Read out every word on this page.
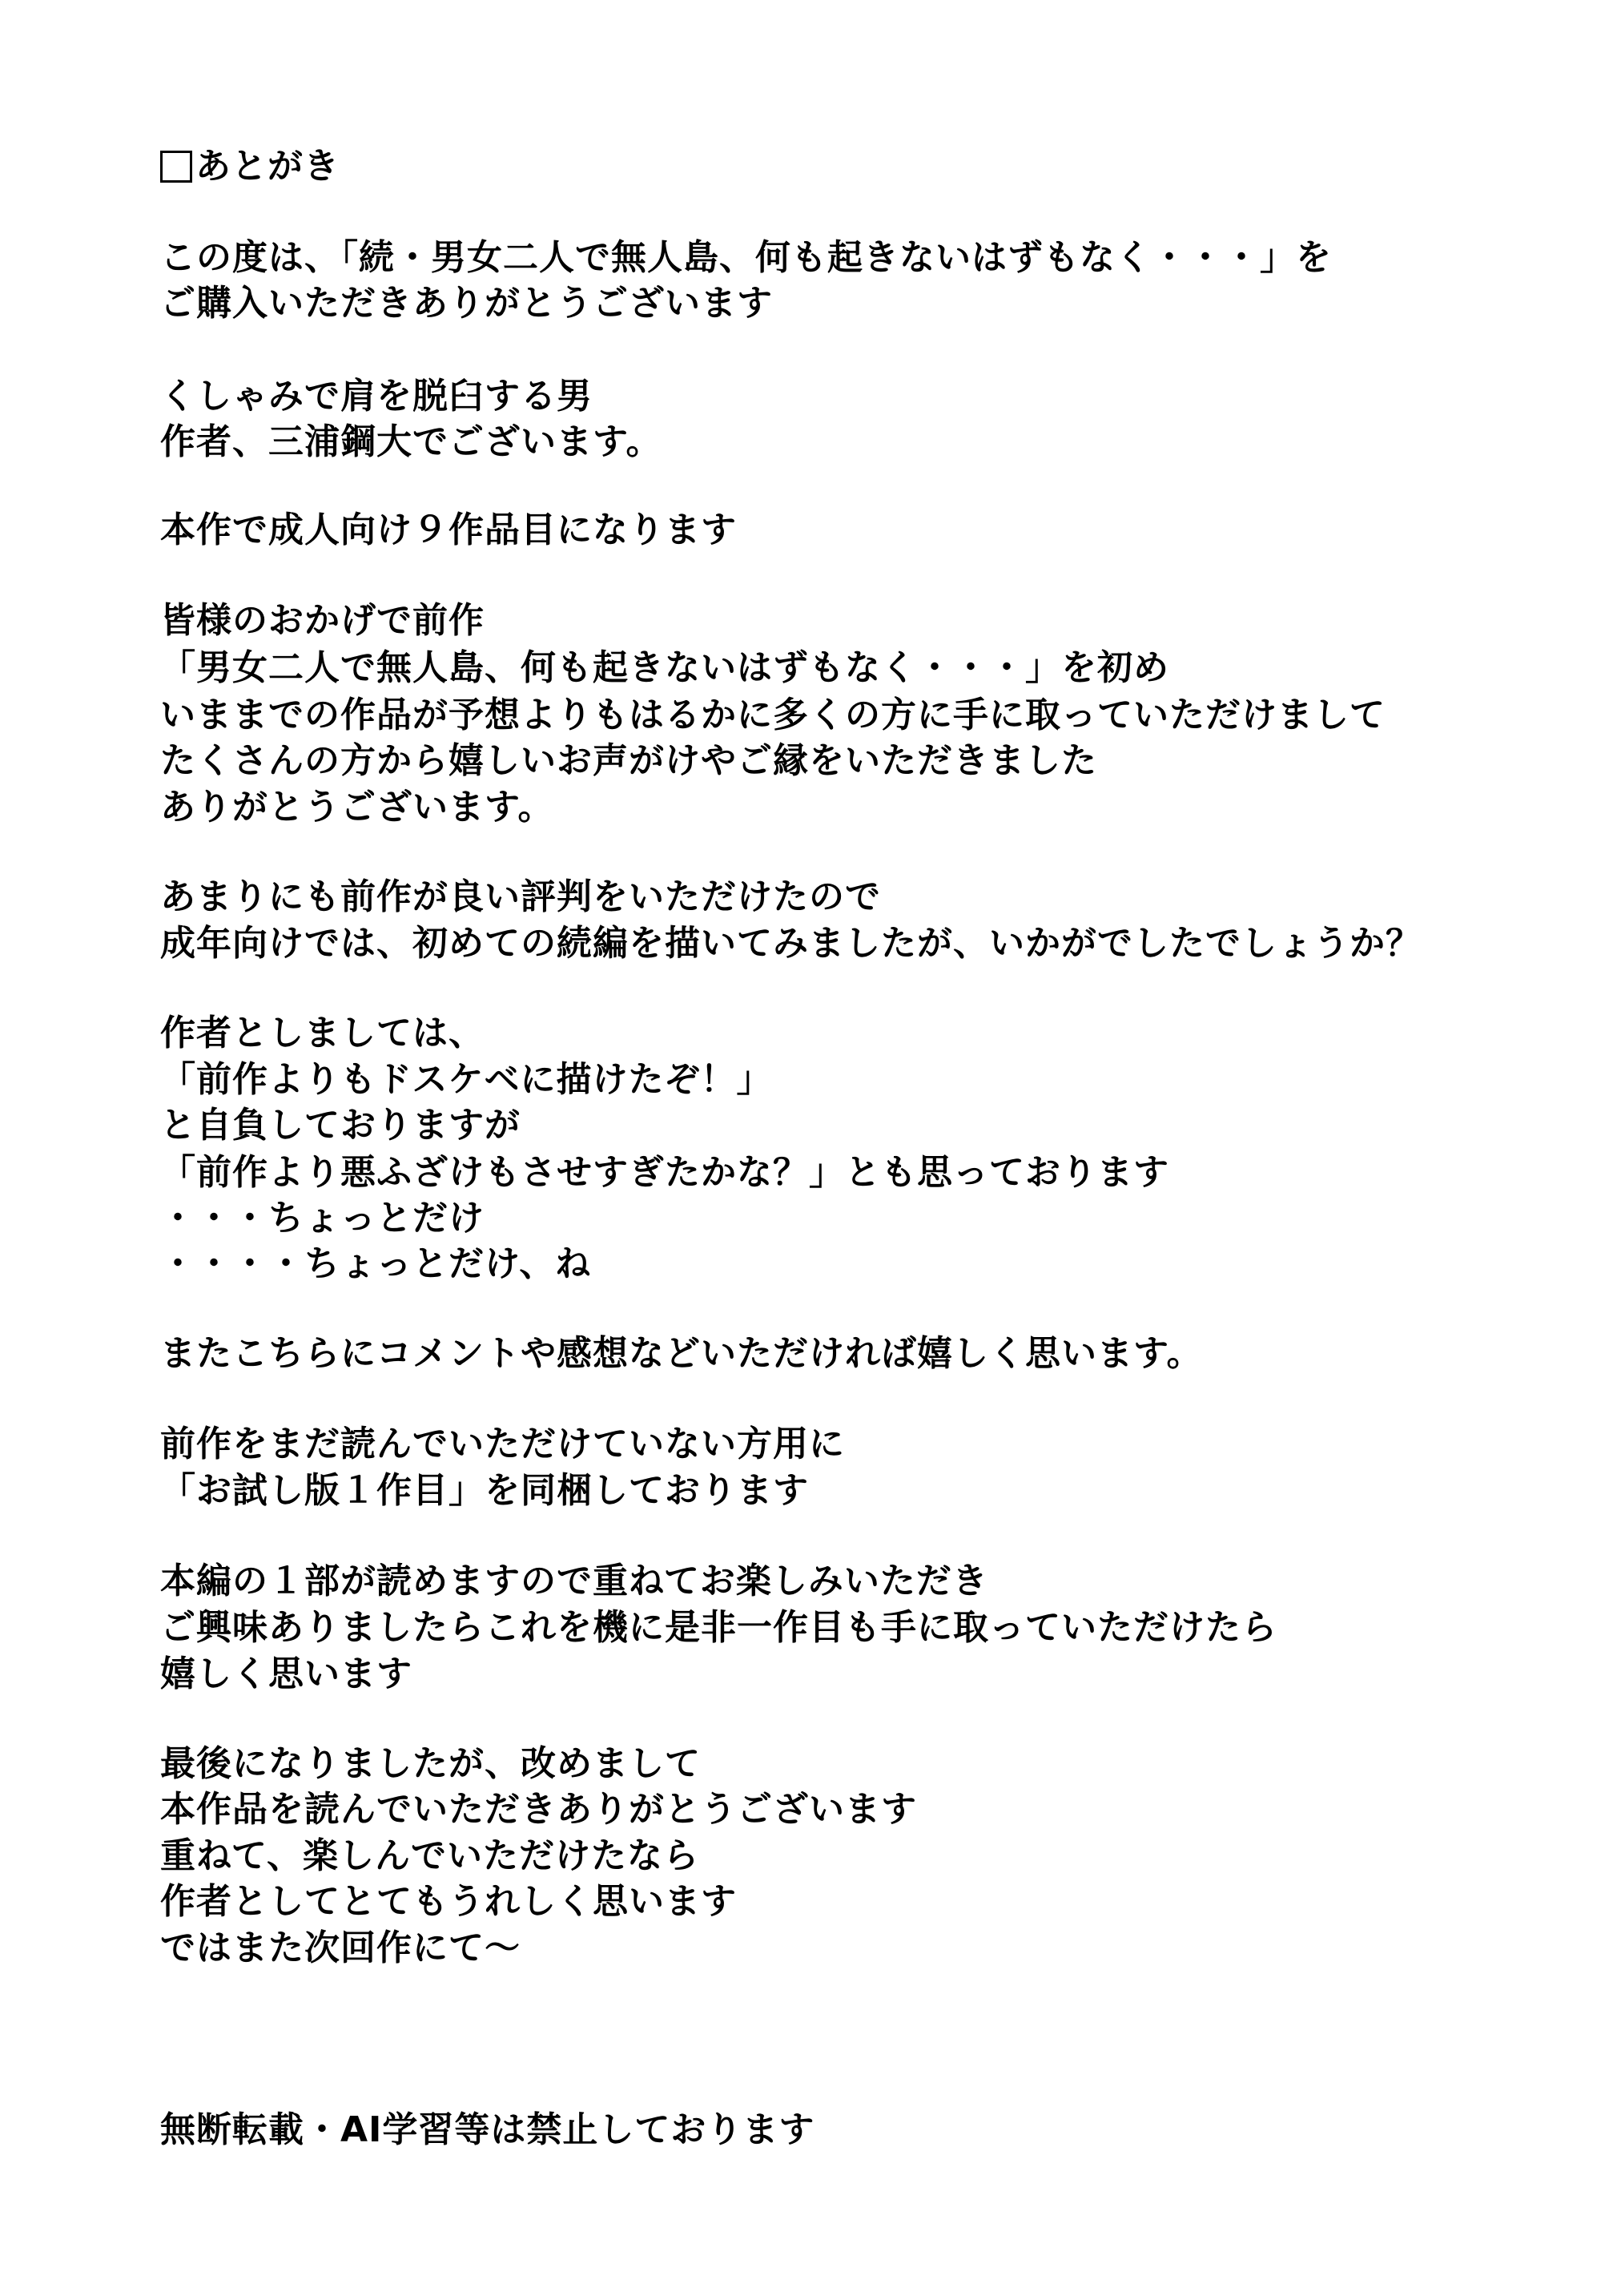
あとがき
この度は、「続・男女二人で無人島、何も起きないはずもなく・・・」を
ご購入いただきありがとうございます
くしゃみで肩を脱臼する男
作者、三浦鋼大でございます。
本作で成人向け９作品目になります
皆様のおかげで前作
「男女二人で無人島、何も起きないはずもなく・・・」を初め
いままでの作品が予想よりもはるかに多くの方に手に取っていただけまして
たくさんの方から嬉しいお声がけやご縁をいただきました
ありがとうございます。
あまりにも前作が良い評判をいただけたので
成年向けでは、初めての続編を描いてみましたが、いかがでしたでしょうか？
作者としましては、
「前作よりもドスケベに描けたぞ！」
と自負しておりますが
「前作より悪ふざけもさせすぎたかな？」とも思っております
・・・ちょっとだけ
・・・・ちょっとだけ、ね
またこちらにコメントや感想などいただければ嬉しく思います。
前作をまだ読んでいただけていない方用に
「お試し版１作目」を同梱しております
本編の１部が読めますので重ねてお楽しみいただき
ご興味ありましたらこれを機に是非一作目も手に取っていただけたら
嬉しく思います
最後になりましたが、改めまして
本作品を読んでいただきありがとうございます
重ねて、楽しんでいただけたなら
作者としてとてもうれしく思います
ではまた次回作にて～
無断転載・AI学習等は禁止しております
